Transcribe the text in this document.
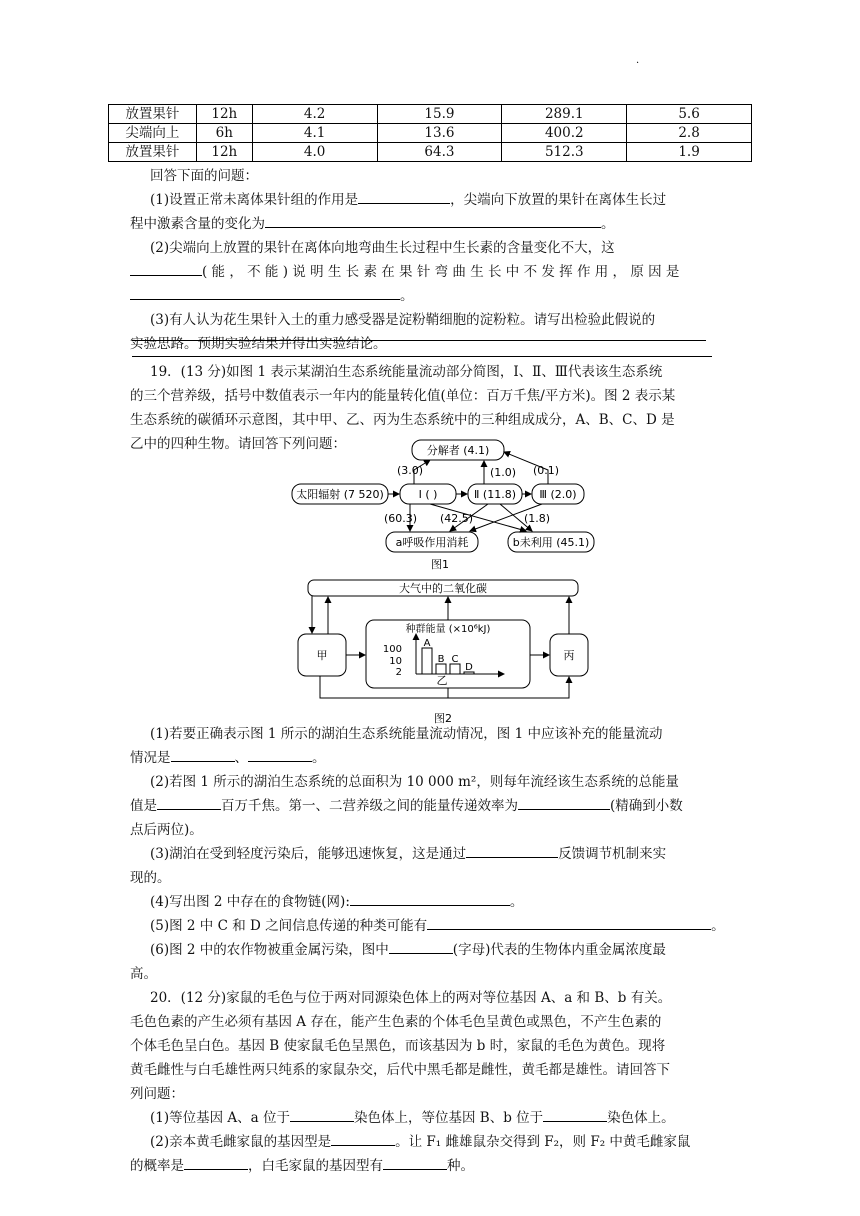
·
放置果针	12h	4.2	15.9	289.1	5.6
尖端向上	6h	4.1	13.6	400.2	2.8
放置果针	12h	4.0	64.3	512.3	1.9
回答下面的问题：
(1)设置正常未离体果针组的作用是	，尖端向下放置的果针在离体生长过
程中激素含量的变化为	。
(2)尖端向上放置的果针在离体向地弯曲生长过程中生长素的含量变化不大，这
( 能 ， 不 能 ) 说 明 生 长 素 在 果 针 弯 曲 生 长 中 不 发 挥 作 用 ， 原 因 是
。
(3)有人认为花生果针入土的重力感受器是淀粉鞘细胞的淀粉粒。请写出检验此假说的
实验思路。预期实验结果并得出实验结论。
19．(13 分)如图 1 表示某湖泊生态系统能量流动部分简图，Ⅰ、Ⅱ、Ⅲ代表该生态系统
的三个营养级，括号中数值表示一年内的能量转化值(单位：百万千焦/平方米)。图 2 表示某
生态系统的碳循环示意图，其中甲、乙、丙为生态系统中的三种组成成分，A、B、C、D 是
乙中的四种生物。请回答下列问题：	分解者 (4.1)
太阳辐射 (7 520)	Ⅰ ( )	Ⅱ (11.8) Ⅲ (2.0)
a呼吸作用消耗	b未利用 (45.1)
(3.0)	(1.0) (0.1)
(60.3) (42.5)	(1.8)
图1
大气中的二氧化碳
甲	丙
种群能量 (×10⁶kJ)
100
10
2
乙
图2
A
B C
D
(1)若要正确表示图 1 所示的湖泊生态系统能量流动情况，图 1 中应该补充的能量流动
情况是	、	。
(2)若图 1 所示的湖泊生态系统的总面积为 10 000 m²，则每年流经该生态系统的总能量
值是	百万千焦。第一、二营养级之间的能量传递效率为	(精确到小数
点后两位)。
(3)湖泊在受到轻度污染后，能够迅速恢复，这是通过	反馈调节机制来实
现的。
(4)写出图 2 中存在的食物链(网):	。
(5)图 2 中 C 和 D 之间信息传递的种类可能有	。
(6)图 2 中的农作物被重金属污染，图中	(字母)代表的生物体内重金属浓度最
高。
20．(12 分)家鼠的毛色与位于两对同源染色体上的两对等位基因 A、a 和 B、b 有关。
毛色色素的产生必须有基因 A 存在，能产生色素的个体毛色呈黄色或黑色，不产生色素的
个体毛色呈白色。基因 B 使家鼠毛色呈黑色，而该基因为 b 时，家鼠的毛色为黄色。现将
黄毛雌性与白毛雄性两只纯系的家鼠杂交，后代中黑毛都是雌性，黄毛都是雄性。请回答下
列问题：
(1)等位基因 A、a 位于	染色体上，等位基因 B、b 位于	染色体上。
(2)亲本黄毛雌家鼠的基因型是	。让 F₁ 雌雄鼠杂交得到 F₂，则 F₂ 中黄毛雌家鼠
的概率是	，白毛家鼠的基因型有	种。
